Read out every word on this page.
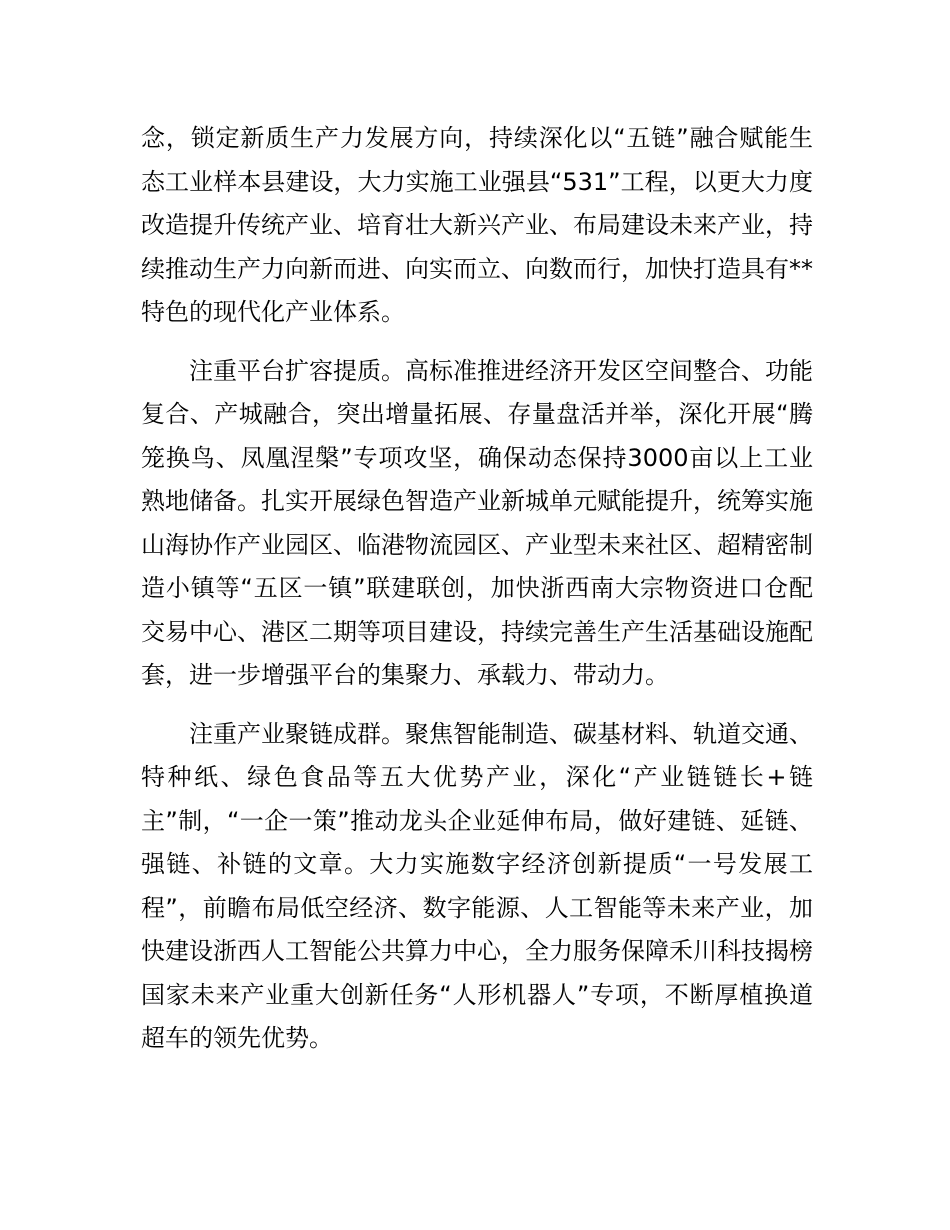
念，锁定新质生产力发展方向，持续深化以“五链”融合赋能生态工业样本县建设，大力实施工业强县“531”工程，以更大力度改造提升传统产业、培育壮大新兴产业、布局建设未来产业，持续推动生产力向新而进、向实而立、向数而行，加快打造具有**特色的现代化产业体系。

注重平台扩容提质。高标准推进经济开发区空间整合、功能复合、产城融合，突出增量拓展、存量盘活并举，深化开展“腾笼换鸟、凤凰涅槃”专项攻坚，确保动态保持3000亩以上工业熟地储备。扎实开展绿色智造产业新城单元赋能提升，统筹实施山海协作产业园区、临港物流园区、产业型未来社区、超精密制造小镇等“五区一镇”联建联创，加快浙西南大宗物资进口仓配交易中心、港区二期等项目建设，持续完善生产生活基础设施配套，进一步增强平台的集聚力、承载力、带动力。

注重产业聚链成群。聚焦智能制造、碳基材料、轨道交通、特种纸、绿色食品等五大优势产业，深化“产业链链长+链主”制，“一企一策”推动龙头企业延伸布局，做好建链、延链、强链、补链的文章。大力实施数字经济创新提质“一号发展工程”，前瞻布局低空经济、数字能源、人工智能等未来产业，加快建设浙西人工智能公共算力中心，全力服务保障禾川科技揭榜国家未来产业重大创新任务“人形机器人”专项，不断厚植换道超车的领先优势。
